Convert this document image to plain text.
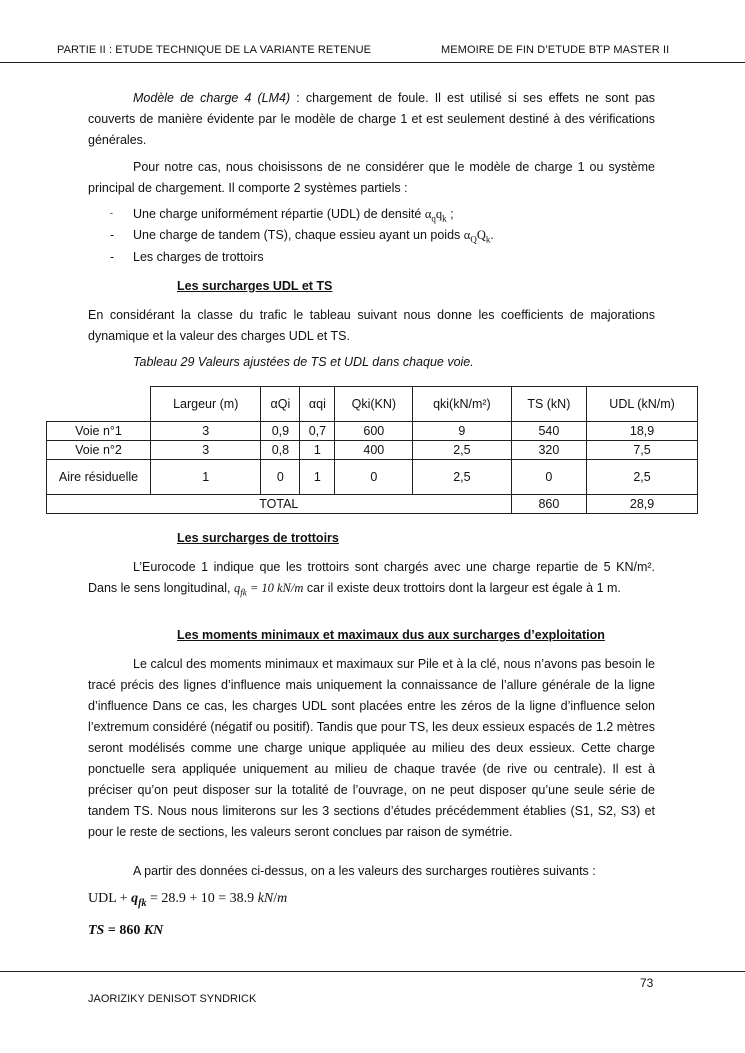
PARTIE II : ETUDE TECHNIQUE DE LA VARIANTE RETENUE	MEMOIRE DE FIN D’ETUDE BTP MASTER II
Modèle de charge 4 (LM4) : chargement de foule. Il est utilisé si ses effets ne sont pas couverts de manière évidente par le modèle de charge 1 et est seulement destiné à des vérifications générales.
Pour notre cas, nous choisissons de ne considérer que le modèle de charge 1 ou système principal de chargement. Il comporte 2 systèmes partiels :
- Une charge uniformément répartie (UDL) de densité $\alpha_qq_k$ ;
- Une charge de tandem (TS), chaque essieu ayant un poids $\alpha_QQ_k$.
- Les charges de trottoirs
Les surcharges UDL et TS
En considérant la classe du trafic le tableau suivant nous donne les coefficients de majorations dynamique et la valeur des charges UDL et TS.
Tableau 29 Valeurs ajustées de TS et UDL dans chaque voie.
	Largeur (m)	αQi	αqi	Qki(KN)	qki(kN/m²)	TS (kN)	UDL (kN/m)
Voie n°1	3	0,9	0,7	600	9	540	18,9
Voie n°2	3	0,8	1	400	2,5	320	7,5
Aire résiduelle	1	0	1	0	2,5	0	2,5
TOTAL						860	28,9
Les surcharges de trottoirs
L’Eurocode 1 indique que les trottoirs sont chargés avec une charge repartie de 5 KN/m². Dans le sens longitudinal, $q_{fk} = 10$ kN/m car il existe deux trottoirs dont la largeur est égale à 1 m.
Les moments minimaux et maximaux dus aux surcharges d’exploitation
Le calcul des moments minimaux et maximaux sur Pile et à la clé, nous n’avons pas besoin le tracé précis des lignes d’influence mais uniquement la connaissance de l’allure générale de la ligne d’influence Dans ce cas, les charges UDL sont placées entre les zéros de la ligne d’influence selon l’extremum considéré (négatif ou positif). Tandis que pour TS, les deux essieux espacés de 1.2 mètres seront modélisés comme une charge unique appliquée au milieu des deux essieux. Cette charge ponctuelle sera appliquée uniquement au milieu de chaque travée (de rive ou centrale). Il est à préciser qu’on peut disposer sur la totalité de l’ouvrage, on ne peut disposer qu’une seule série de tandem TS. Nous nous limiterons sur les 3 sections d’études précédemment établies (S1, S2, S3) et pour le reste de sections, les valeurs seront conclues par raison de symétrie.
A partir des données ci-dessus, on a les valeurs des surcharges routières suivants :
UDL + $q_{fk} = 28.9 + 10 = 38.9$ kN/m
TS = 860 KN
73
JAORIZIKY DENISOT SYNDRICK
